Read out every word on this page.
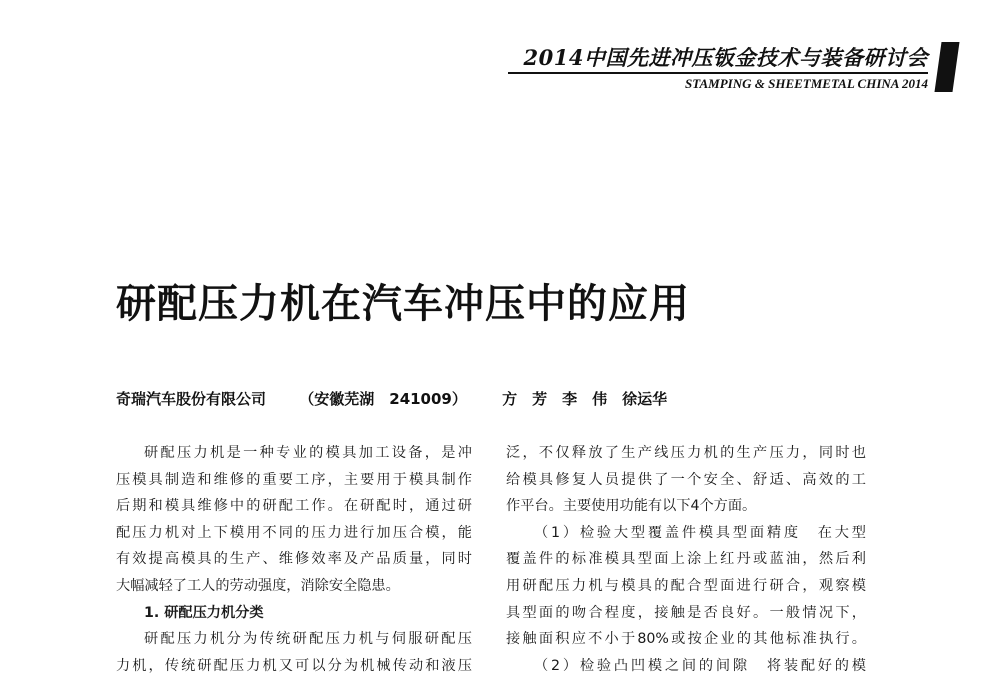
2014中国先进冲压钣金技术与装备研讨会
STAMPING & SHEETMETAL CHINA 2014
研配压力机在汽车冲压中的应用
奇瑞汽车股份有限公司 （安徽芜湖　241009） 方　芳　李　伟　徐运华
研配压力机是一种专业的模具加工设备，是冲
压模具制造和维修的重要工序，主要用于模具制作
后期和模具维修中的研配工作。在研配时，通过研
配压力机对上下模用不同的压力进行加压合模，能
有效提高模具的生产、维修效率及产品质量，同时
大幅减轻了工人的劳动强度，消除安全隐患。
1. 研配压力机分类
研配压力机分为传统研配压力机与伺服研配压
力机，传统研配压力机又可以分为机械传动和液压
泛，不仅释放了生产线压力机的生产压力，同时也
给模具修复人员提供了一个安全、舒适、高效的工
作平台。主要使用功能有以下4个方面。
（1）检验大型覆盖件模具型面精度　在大型
覆盖件的标准模具型面上涂上红丹或蓝油，然后利
用研配压力机与模具的配合型面进行研合，观察模
具型面的吻合程度，接触是否良好。一般情况下，
接触面积应不小于80%或按企业的其他标准执行。
（2）检验凸凹模之间的间隙　将装配好的模
